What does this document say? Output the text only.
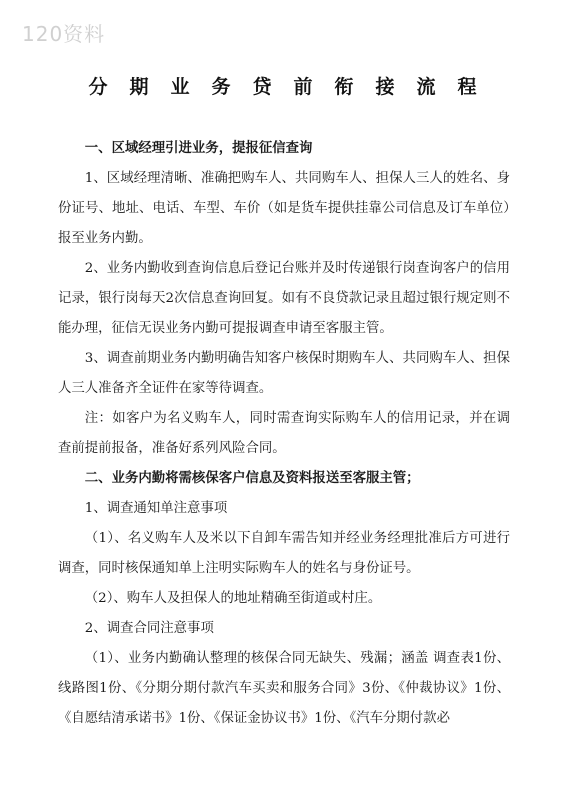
120资料
分期业务贷前衔接流程

一、区域经理引进业务，提报征信查询

1、区域经理清晰、准确把购车人、共同购车人、担保人三人的姓名、身份证号、地址、电话、车型、车价（如是货车提供挂靠公司信息及订车单位）报至业务内勤。

2、业务内勤收到查询信息后登记台账并及时传递银行岗查询客户的信用记录，银行岗每天2次信息查询回复。如有不良贷款记录且超过银行规定则不能办理，征信无误业务内勤可提报调查申请至客服主管。

3、调查前期业务内勤明确告知客户核保时期购车人、共同购车人、担保人三人准备齐全证件在家等待调查。

注：如客户为名义购车人，同时需查询实际购车人的信用记录，并在调查前提前报备，准备好系列风险合同。

二、业务内勤将需核保客户信息及资料报送至客服主管；

1、调查通知单注意事项

（1）、名义购车人及米以下自卸车需告知并经业务经理批准后方可进行调查，同时核保通知单上注明实际购车人的姓名与身份证号。

（2）、购车人及担保人的地址精确至街道或村庄。

2、调查合同注意事项

（1）、业务内勤确认整理的核保合同无缺失、残漏；涵盖 调查表1份、线路图1份、《分期分期付款汽车买卖和服务合同》3份、《仲裁协议》1份、《自愿结清承诺书》1份、《保证金协议书》1份、《汽车分期付款必
